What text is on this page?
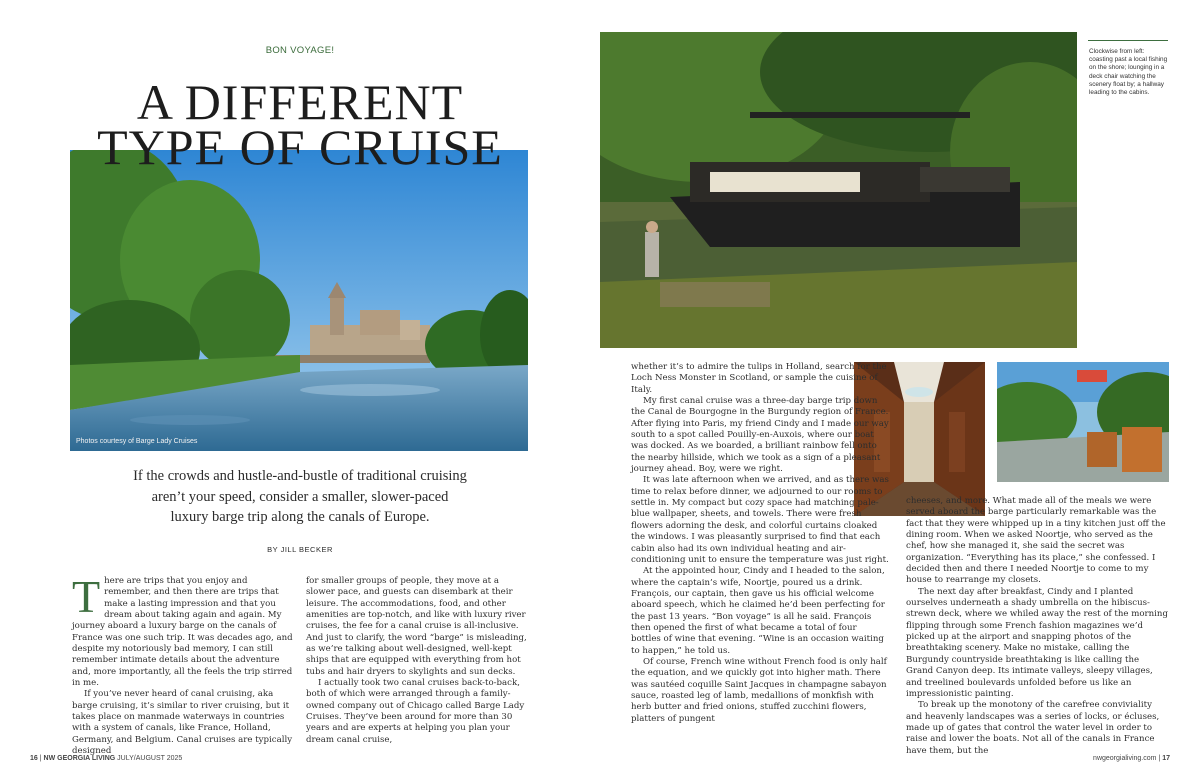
BON VOYAGE!
A DIFFERENT
TYPE OF CRUISE
Photos courtesy of Barge Lady Cruises
If the crowds and hustle-and-bustle of traditional cruising
aren’t your speed, consider a smaller, slower-paced
luxury barge trip along the canals of Europe.
BY JILL BECKER

There are trips that you enjoy and remember, and then there are trips that make a lasting impression and that you dream about taking again and again. My journey aboard a luxury barge on the canals of France was one such trip. It was decades ago, and despite my notoriously bad memory, I can still remember intimate details about the adventure and, more importantly, all the feels the trip stirred in me.

If you’ve never heard of canal cruising, aka barge cruising, it’s similar to river cruising, but it takes place on manmade waterways in countries with a system of canals, like France, Holland, Germany, and Belgium. Canal cruises are typically designed

for smaller groups of people, they move at a slower pace, and guests can disembark at their leisure. The accommodations, food, and other amenities are top-notch, and like with luxury river cruises, the fee for a canal cruise is all-inclusive. And just to clarify, the word “barge” is misleading, as we’re talking about well-designed, well-kept ships that are equipped with everything from hot tubs and hair dryers to skylights and sun decks.

I actually took two canal cruises back-to-back, both of which were arranged through a family-owned company out of Chicago called Barge Lady Cruises. They’ve been around for more than 30 years and are experts at helping you plan your dream canal cruise,

16 | NW GEORGIA LIVING JULY/AUGUST 2025
Clockwise from left: coasting past a local fishing on the shore; lounging in a deck chair watching the scenery float by; a hallway leading to the cabins.

whether it’s to admire the tulips in Holland, search for the Loch Ness Monster in Scotland, or sample the cuisine of Italy.

My first canal cruise was a three-day barge trip down the Canal de Bourgogne in the Burgundy region of France. After flying into Paris, my friend Cindy and I made our way south to a spot called Pouilly-en-Auxois, where our boat was docked. As we boarded, a brilliant rainbow fell onto the nearby hillside, which we took as a sign of a pleasant journey ahead. Boy, were we right.

It was late afternoon when we arrived, and as there was time to relax before dinner, we adjourned to our rooms to settle in. My compact but cozy space had matching pale-blue wallpaper, sheets, and towels. There were fresh flowers adorning the desk, and colorful curtains cloaked the windows. I was pleasantly surprised to find that each cabin also had its own individual heating and air-conditioning unit to ensure the temperature was just right.

At the appointed hour, Cindy and I headed to the salon, where the captain’s wife, Noortje, poured us a drink. François, our captain, then gave us his official welcome aboard speech, which he claimed he’d been perfecting for the past 13 years. “Bon voyage” is all he said. François then opened the first of what became a total of four bottles of wine that evening. “Wine is an occasion waiting to happen,” he told us.

Of course, French wine without French food is only half the equation, and we quickly got into higher math. There was sautéed coquille Saint Jacques in champagne sabayon sauce, roasted leg of lamb, medallions of monkfish with herb butter and fried onions, stuffed zucchini flowers, platters of pungent

cheeses, and more. What made all of the meals we were served aboard the barge particularly remarkable was the fact that they were whipped up in a tiny kitchen just off the dining room. When we asked Noortje, who served as the chef, how she managed it, she said the secret was organization. “Everything has its place,” she confessed. I decided then and there I needed Noortje to come to my house to rearrange my closets.

The next day after breakfast, Cindy and I planted ourselves underneath a shady umbrella on the hibiscus-strewn deck, where we whiled away the rest of the morning flipping through some French fashion magazines we’d picked up at the airport and snapping photos of the breathtaking scenery. Make no mistake, calling the Burgundy countryside breathtaking is like calling the Grand Canyon deep. Its intimate valleys, sleepy villages, and treelined boulevards unfolded before us like an impressionistic painting.

To break up the monotony of the carefree conviviality and heavenly landscapes was a series of locks, or écluses, made up of gates that control the water level in order to raise and lower the boats. Not all of the canals in France have them, but the

nwgeorgialiving.com | 17
